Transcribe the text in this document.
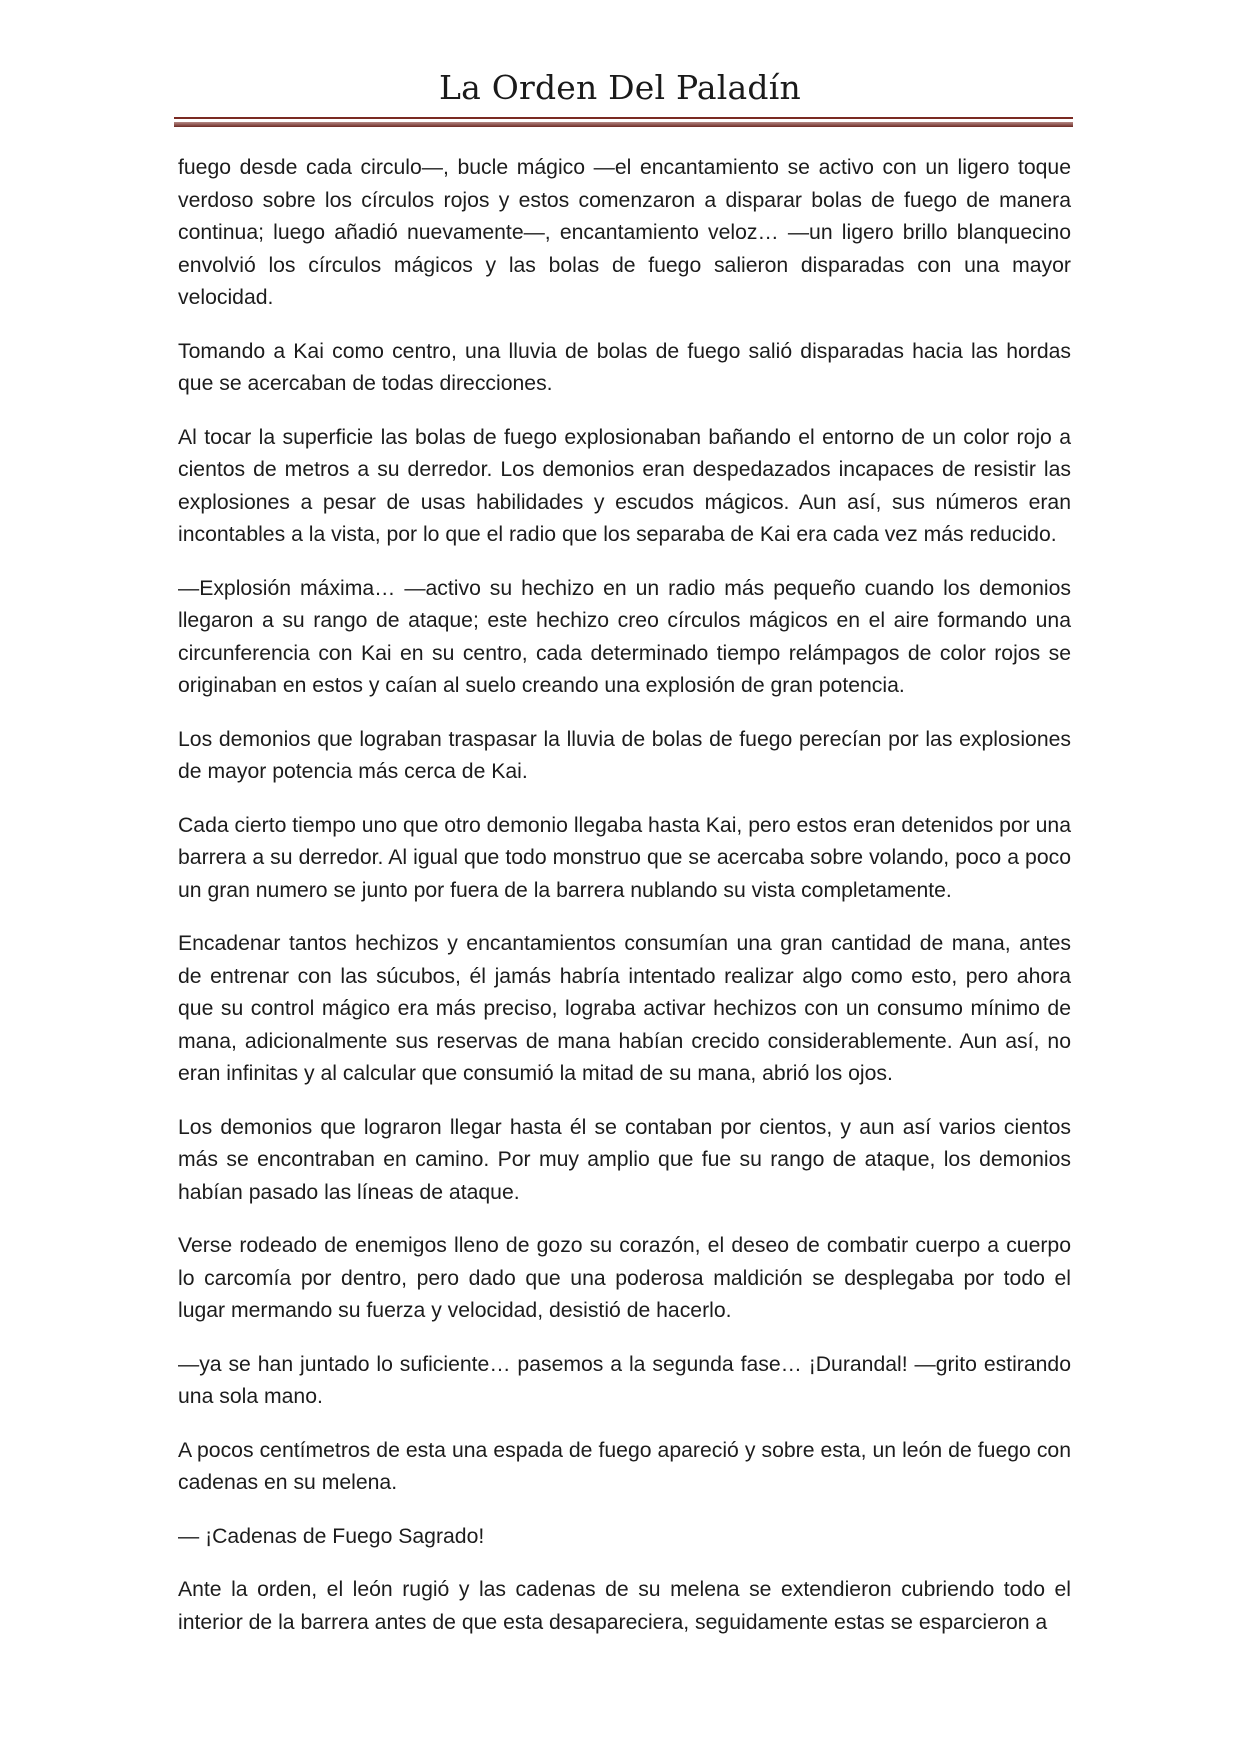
La Orden Del Paladín

fuego desde cada circulo—, bucle mágico —el encantamiento se activo con un ligero toque verdoso sobre los círculos rojos y estos comenzaron a disparar bolas de fuego de manera continua; luego añadió nuevamente—, encantamiento veloz… —un ligero brillo blanquecino envolvió los círculos mágicos y las bolas de fuego salieron disparadas con una mayor velocidad.

Tomando a Kai como centro, una lluvia de bolas de fuego salió disparadas hacia las hordas que se acercaban de todas direcciones.

Al tocar la superficie las bolas de fuego explosionaban bañando el entorno de un color rojo a cientos de metros a su derredor. Los demonios eran despedazados incapaces de resistir las explosiones a pesar de usas habilidades y escudos mágicos. Aun así, sus números eran incontables a la vista, por lo que el radio que los separaba de Kai era cada vez más reducido.

—Explosión máxima… —activo su hechizo en un radio más pequeño cuando los demonios llegaron a su rango de ataque; este hechizo creo círculos mágicos en el aire formando una circunferencia con Kai en su centro, cada determinado tiempo relámpagos de color rojos se originaban en estos y caían al suelo creando una explosión de gran potencia.

Los demonios que lograban traspasar la lluvia de bolas de fuego perecían por las explosiones de mayor potencia más cerca de Kai.

Cada cierto tiempo uno que otro demonio llegaba hasta Kai, pero estos eran detenidos por una barrera a su derredor. Al igual que todo monstruo que se acercaba sobre volando, poco a poco un gran numero se junto por fuera de la barrera nublando su vista completamente.

Encadenar tantos hechizos y encantamientos consumían una gran cantidad de mana, antes de entrenar con las súcubos, él jamás habría intentado realizar algo como esto, pero ahora que su control mágico era más preciso, lograba activar hechizos con un consumo mínimo de mana, adicionalmente sus reservas de mana habían crecido considerablemente. Aun así, no eran infinitas y al calcular que consumió la mitad de su mana, abrió los ojos.

Los demonios que lograron llegar hasta él se contaban por cientos, y aun así varios cientos más se encontraban en camino. Por muy amplio que fue su rango de ataque, los demonios habían pasado las líneas de ataque.

Verse rodeado de enemigos lleno de gozo su corazón, el deseo de combatir cuerpo a cuerpo lo carcomía por dentro, pero dado que una poderosa maldición se desplegaba por todo el lugar mermando su fuerza y velocidad, desistió de hacerlo.

—ya se han juntado lo suficiente… pasemos a la segunda fase… ¡Durandal! —grito estirando una sola mano.

A pocos centímetros de esta una espada de fuego apareció y sobre esta, un león de fuego con cadenas en su melena.

— ¡Cadenas de Fuego Sagrado!

Ante la orden, el león rugió y las cadenas de su melena se extendieron cubriendo todo el interior de la barrera antes de que esta desapareciera, seguidamente estas se esparcieron a
